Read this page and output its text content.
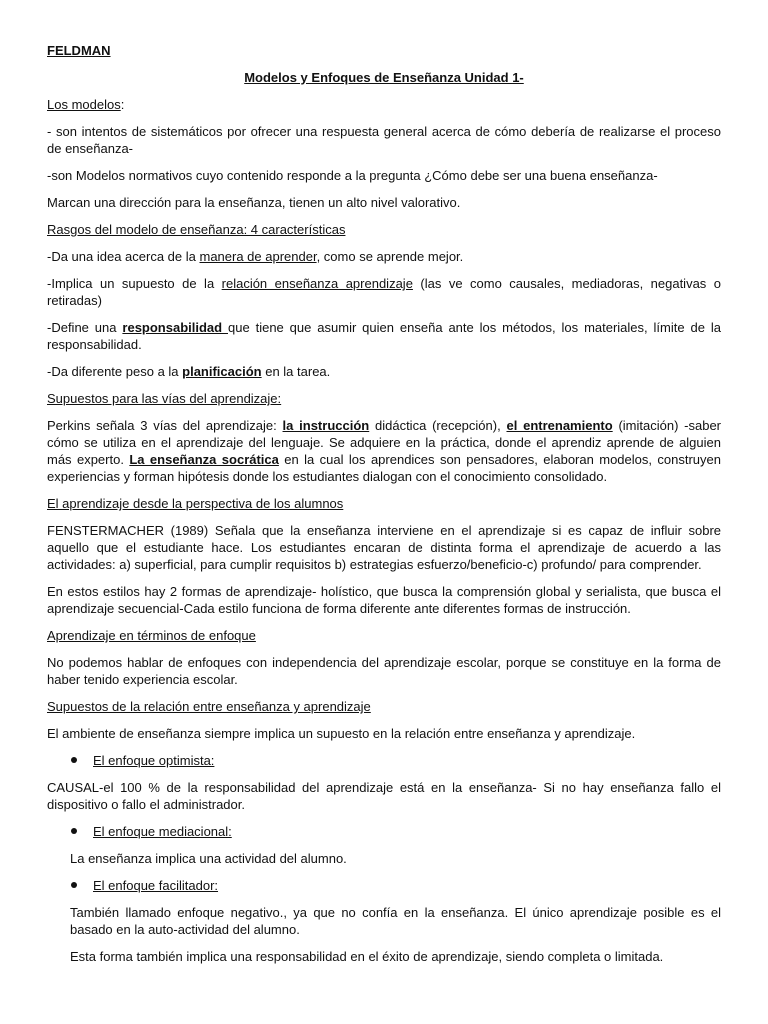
FELDMAN

Modelos y Enfoques de Enseñanza Unidad 1-

Los modelos:

- son intentos de sistemáticos por ofrecer una respuesta general acerca de cómo debería de realizarse el proceso de enseñanza-

-son Modelos normativos cuyo contenido responde a la pregunta ¿Cómo debe ser una buena enseñanza-

Marcan una dirección para la enseñanza, tienen un alto nivel valorativo.

Rasgos del modelo de enseñanza: 4 características

-Da una idea acerca de la manera de aprender, como se aprende mejor.

-Implica un supuesto de la relación enseñanza aprendizaje (las ve como causales, mediadoras, negativas o retiradas)

-Define una responsabilidad que tiene que asumir quien enseña ante los métodos, los materiales, límite de la responsabilidad.

-Da diferente peso a la planificación en la tarea.

Supuestos para las vías del aprendizaje:

Perkins señala 3 vías del aprendizaje: la instrucción didáctica (recepción), el entrenamiento (imitación) -saber cómo se utiliza en el aprendizaje del lenguaje. Se adquiere en la práctica, donde el aprendiz aprende de alguien más experto. La enseñanza socrática en la cual los aprendices son pensadores, elaboran modelos, construyen experiencias y forman hipótesis donde los estudiantes dialogan con el conocimiento consolidado.

El aprendizaje desde la perspectiva de los alumnos

FENSTERMACHER (1989) Señala que la enseñanza interviene en el aprendizaje si es capaz de influir sobre aquello que el estudiante hace. Los estudiantes encaran de distinta forma el aprendizaje de acuerdo a las actividades: a) superficial, para cumplir requisitos b) estrategias esfuerzo/beneficio-c) profundo/ para comprender.

En estos estilos hay 2 formas de aprendizaje- holístico, que busca la comprensión global y serialista, que busca el aprendizaje secuencial-Cada estilo funciona de forma diferente ante diferentes formas de instrucción.

Aprendizaje en términos de enfoque

No podemos hablar de enfoques con independencia del aprendizaje escolar, porque se constituye en la forma de haber tenido experiencia escolar.

Supuestos de la relación entre enseñanza y aprendizaje

El ambiente de enseñanza siempre implica un supuesto en la relación entre enseñanza y aprendizaje.

El enfoque optimista:

CAUSAL-el 100 % de la responsabilidad del aprendizaje está en la enseñanza- Si no hay enseñanza fallo el dispositivo o fallo el administrador.

El enfoque mediacional:

La enseñanza implica una actividad del alumno.

El enfoque facilitador:

También llamado enfoque negativo., ya que no confía en la enseñanza. El único aprendizaje posible es el basado en la auto-actividad del alumno.

Esta forma también implica una responsabilidad en el éxito de aprendizaje, siendo completa o limitada.
